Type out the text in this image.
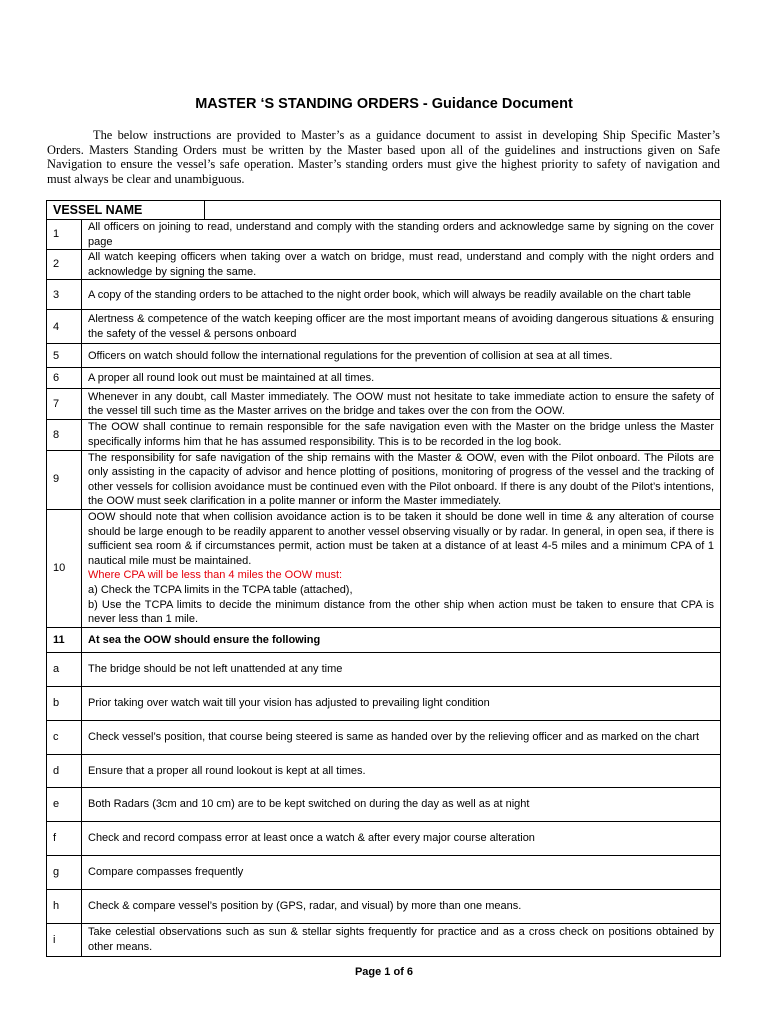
MASTER ‘S STANDING ORDERS - Guidance Document

The below instructions are provided to Master’s as a guidance document to assist in developing Ship Specific Master’s Orders. Masters Standing Orders must be written by the Master based upon all of the guidelines and instructions given on Safe Navigation to ensure the vessel’s safe operation. Master’s standing orders must give the highest priority to safety of navigation and must always be clear and unambiguous.

VESSEL NAME		
1	All officers on joining to read, understand and comply with the standing orders and acknowledge same by signing on the cover page	
2	All watch keeping officers when taking over a watch on bridge, must read, understand and comply with the night orders and acknowledge by signing the same.	
3	A copy of the standing orders to be attached to the night order book, which will always be readily available on the chart table	
4	Alertness & competence of the watch keeping officer are the most important means of avoiding dangerous situations & ensuring the safety of the vessel & persons onboard	
5	Officers on watch should follow the international regulations for the prevention of collision at sea at all times.	
6	A proper all round look out must be maintained at all times.	
7	Whenever in any doubt, call Master immediately. The OOW must not hesitate to take immediate action to ensure the safety of the vessel till such time as the Master arrives on the bridge and takes over the con from the OOW.	
8	The OOW shall continue to remain responsible for the safe navigation even with the Master on the bridge unless the Master specifically informs him that he has assumed responsibility. This is to be recorded in the log book.	
9	The responsibility for safe navigation of the ship remains with the Master & OOW, even with the Pilot onboard. The Pilots are only assisting in the capacity of advisor and hence plotting of positions, monitoring of progress of the vessel and the tracking of other vessels for collision avoidance must be continued even with the Pilot onboard. If there is any doubt of the Pilot’s intentions, the OOW must seek clarification in a polite manner or inform the Master immediately.	
10	OOW should note that when collision avoidance action is to be taken it should be done well in time & any alteration of course should be large enough to be readily apparent to another vessel observing visually or by radar. In general, in open sea, if there is sufficient sea room & if circumstances permit, action must be taken at a distance of at least 4-5 miles and a minimum CPA of 1 nautical mile must be maintained.
Where CPA will be less than 4 miles the OOW must:
a) Check the TCPA limits in the TCPA table (attached),
b) Use the TCPA limits to decide the minimum distance from the other ship when action must be taken to ensure that CPA is never less than 1 mile.	

11	At sea the OOW should ensure the following	
a	The bridge should be not left unattended at any time	
b	Prior taking over watch wait till your vision has adjusted to prevailing light condition	
c	Check vessel’s position, that course being steered is same as handed over by the relieving officer and as marked on the chart	
d	Ensure that a proper all round lookout is kept at all times.	
e	Both Radars (3cm and 10 cm) are to be kept switched on during the day as well as at night	
f	Check and record compass error at least once a watch & after every major course alteration	
g	Compare compasses frequently	
h	Check & compare vessel’s position by (GPS, radar, and visual) by more than one means.	
i	Take celestial observations such as sun & stellar sights frequently for practice and as a cross check on positions obtained by other means.	
Page 1 of 6
